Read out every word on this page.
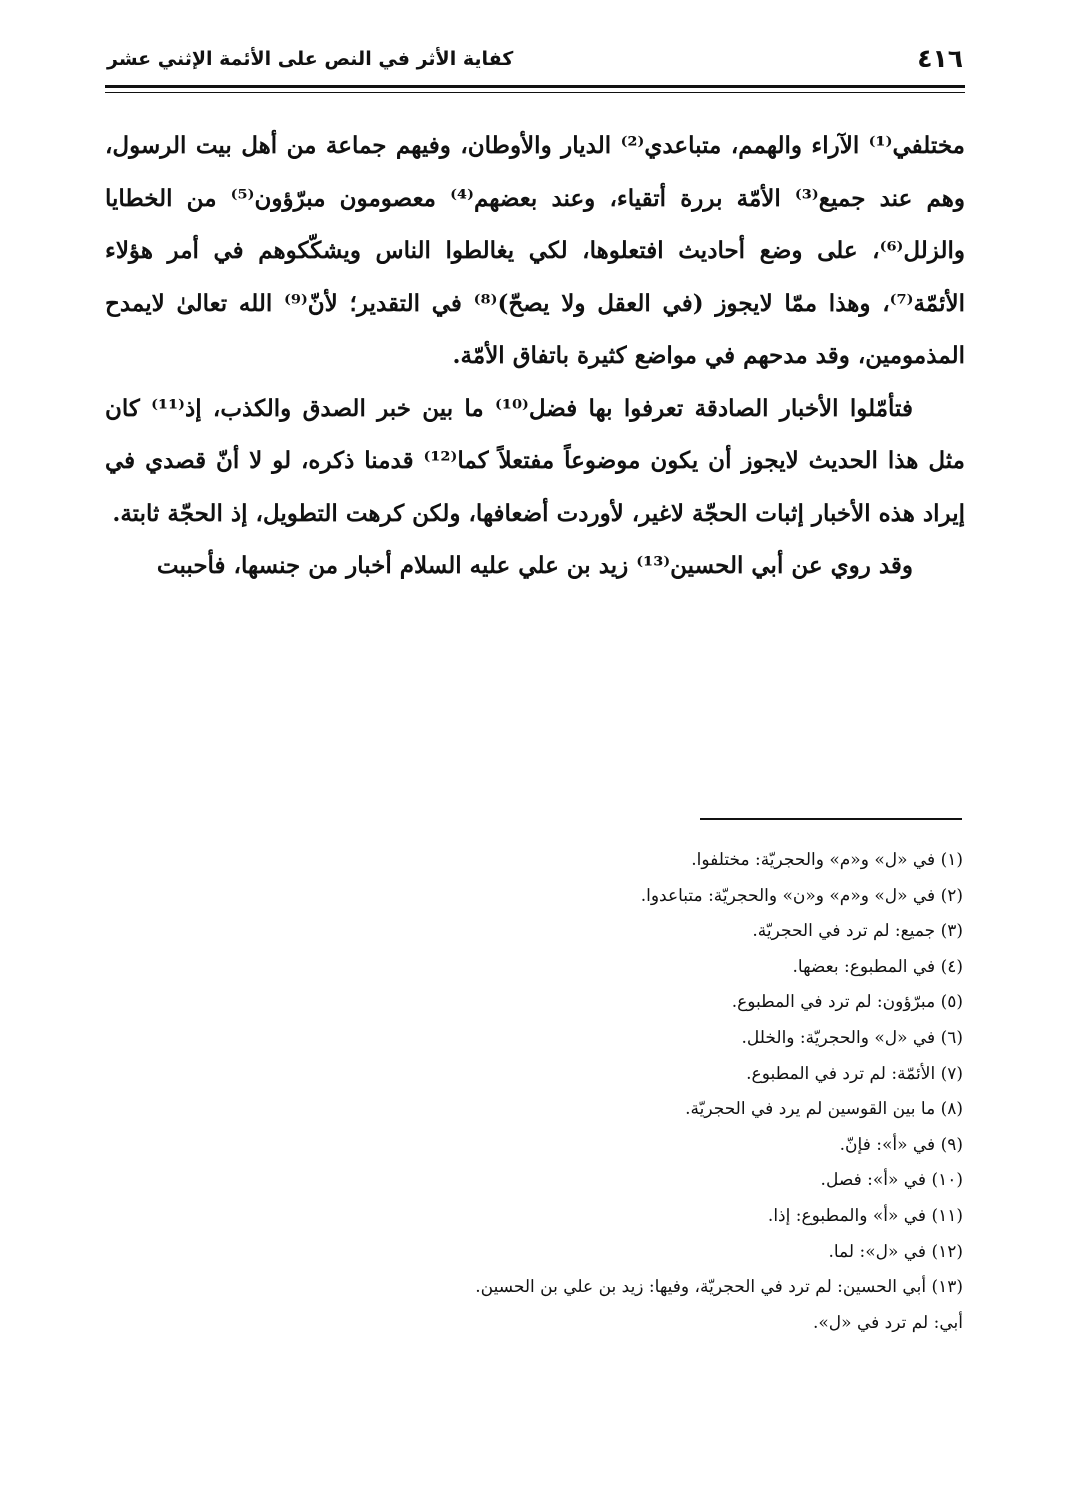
٤١٦
كفاية الأثر في النص على الأئمة الإثني عشر

مختلفي⁽¹⁾ الآراء والهمم، متباعدي⁽²⁾ الديار والأوطان، وفيهم جماعة من أهل بيت الرسول، وهم عند جميع⁽³⁾ الأمّة بررة أتقياء، وعند بعضهم⁽⁴⁾ معصومون مبرّؤون⁽⁵⁾ من الخطايا والزلل⁽⁶⁾، على وضع أحاديث افتعلوها، لكي يغالطوا الناس ويشكّكوهم في أمر هؤلاء الأئمّة⁽⁷⁾، وهذا ممّا لايجوز (في العقل ولا يصحّ)⁽⁸⁾ في التقدير؛ لأنّ⁽⁹⁾ الله تعالىٰ لايمدح المذمومين، وقد مدحهم في مواضع كثيرة باتفاق الأمّة.

فتأمّلوا الأخبار الصادقة تعرفوا بها فضل⁽¹⁰⁾ ما بين خبر الصدق والكذب، إذ⁽¹¹⁾ كان مثل هذا الحديث لايجوز أن يكون موضوعاً مفتعلاً كما⁽¹²⁾ قدمنا ذكره، لو لا أنّ قصدي في إيراد هذه الأخبار إثبات الحجّة لاغير، لأوردت أضعافها، ولكن كرهت التطويل، إذ الحجّة ثابتة.

وقد روي عن أبي الحسين⁽¹³⁾ زيد بن علي عليه السلام أخبار من جنسها، فأحببت

(١) في «ل» و«م» والحجريّة: مختلفوا.
(٢) في «ل» و«م» و«ن» والحجريّة: متباعدوا.
(٣) جميع: لم ترد في الحجريّة.
(٤) في المطبوع: بعضها.
(٥) مبرّؤون: لم ترد في المطبوع.
(٦) في «ل» والحجريّة: والخلل.
(٧) الأئمّة: لم ترد في المطبوع.
(٨) ما بين القوسين لم يرد في الحجريّة.
(٩) في «أ»: فإنّ.
(١٠) في «أ»: فصل.
(١١) في «أ» والمطبوع: إذا.
(١٢) في «ل»: لما.
(١٣) أبي الحسين: لم ترد في الحجريّة، وفيها: زيد بن علي بن الحسين.
أبي: لم ترد في «ل».
